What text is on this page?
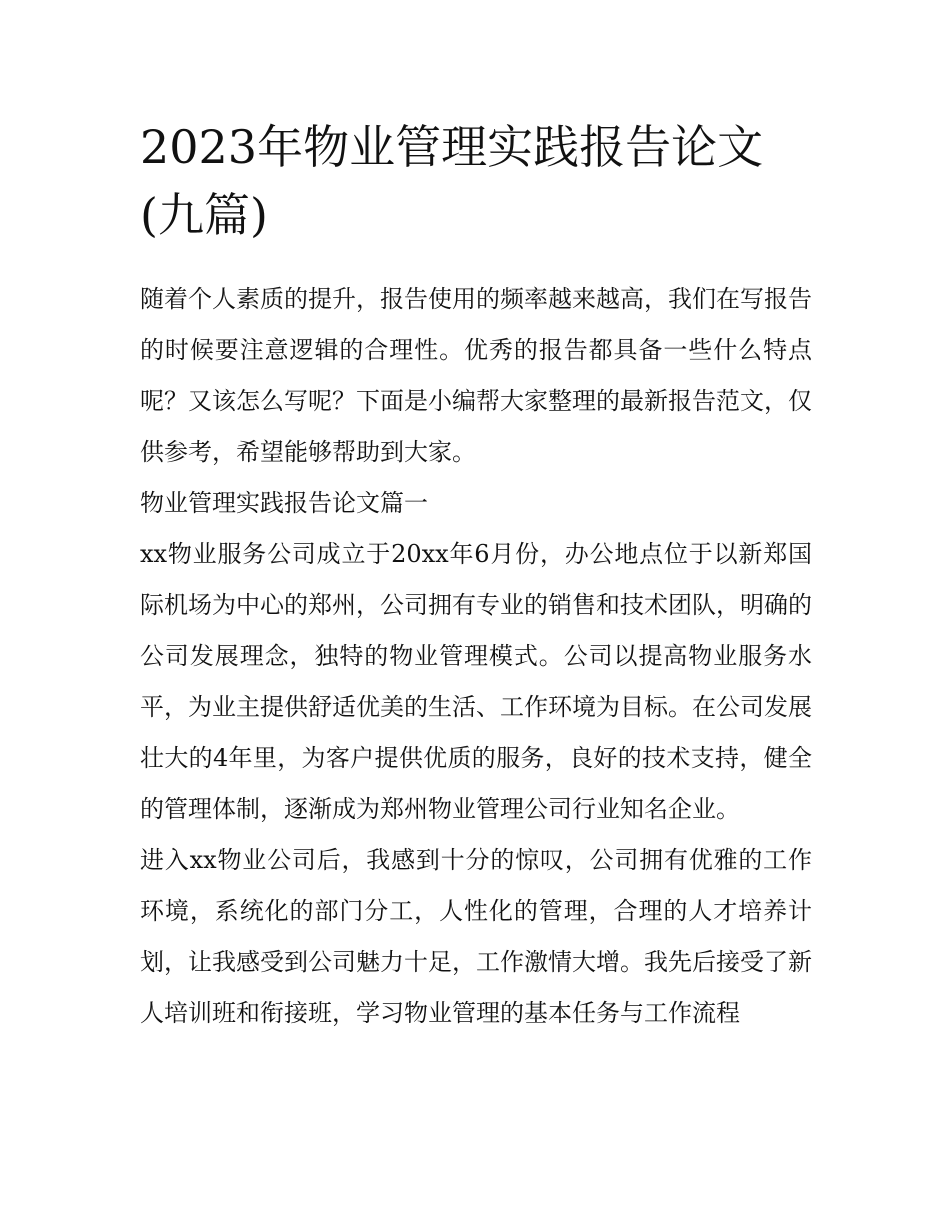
2023年物业管理实践报告论文(九篇)

随着个人素质的提升，报告使用的频率越来越高，我们在写报告的时候要注意逻辑的合理性。优秀的报告都具备一些什么特点呢？又该怎么写呢？下面是小编帮大家整理的最新报告范文，仅供参考，希望能够帮助到大家。

物业管理实践报告论文篇一

xx物业服务公司成立于20xx年6月份，办公地点位于以新郑国际机场为中心的郑州，公司拥有专业的销售和技术团队，明确的公司发展理念，独特的物业管理模式。公司以提高物业服务水平，为业主提供舒适优美的生活、工作环境为目标。在公司发展壮大的4年里，为客户提供优质的服务，良好的技术支持，健全的管理体制，逐渐成为郑州物业管理公司行业知名企业。

进入xx物业公司后，我感到十分的惊叹，公司拥有优雅的工作环境，系统化的部门分工，人性化的管理，合理的人才培养计划，让我感受到公司魅力十足，工作激情大增。我先后接受了新人培训班和衔接班，学习物业管理的基本任务与工作流程
